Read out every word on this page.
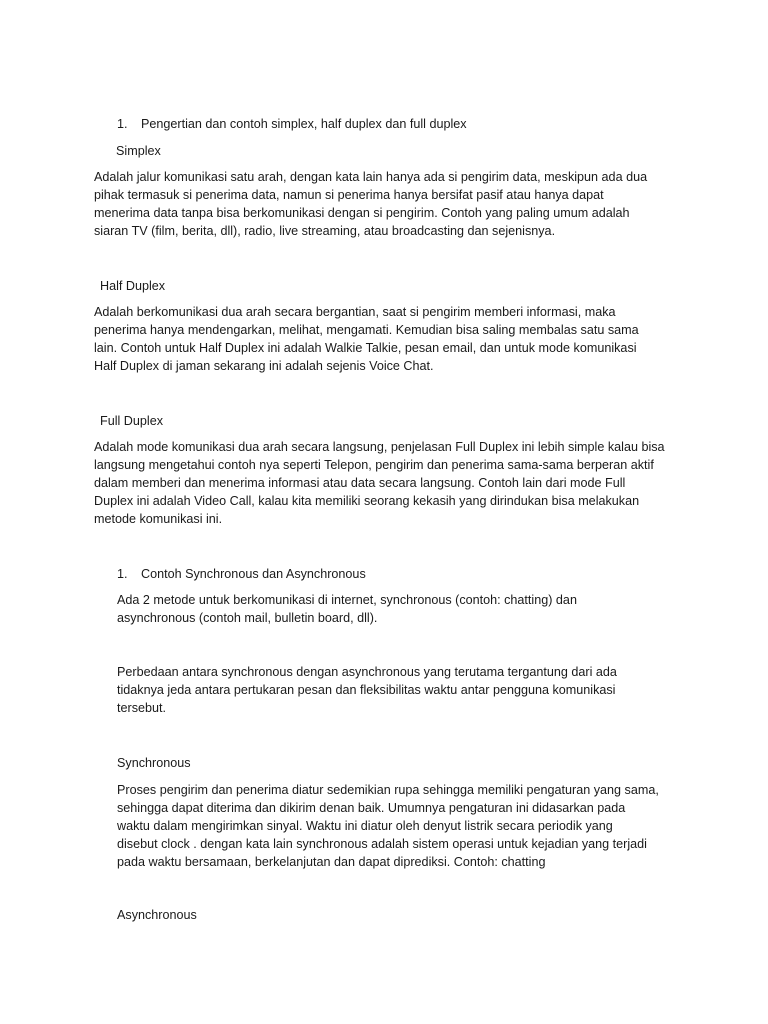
1. Pengertian dan contoh simplex, half duplex dan full duplex
Simplex
Adalah jalur komunikasi satu arah, dengan kata lain hanya ada si pengirim data, meskipun ada dua
pihak termasuk si penerima data, namun si penerima hanya bersifat pasif atau hanya dapat
menerima data tanpa bisa berkomunikasi dengan si pengirim. Contoh yang paling umum adalah
siaran TV (film, berita, dll), radio, live streaming, atau broadcasting dan sejenisnya.
Half Duplex
Adalah berkomunikasi dua arah secara bergantian, saat si pengirim memberi informasi, maka
penerima hanya mendengarkan, melihat, mengamati. Kemudian bisa saling membalas satu sama
lain. Contoh untuk Half Duplex ini adalah Walkie Talkie, pesan email, dan untuk mode komunikasi
Half Duplex di jaman sekarang ini adalah sejenis Voice Chat.
Full Duplex
Adalah mode komunikasi dua arah secara langsung, penjelasan Full Duplex ini lebih simple kalau bisa
langsung mengetahui contoh nya seperti Telepon, pengirim dan penerima sama-sama berperan aktif
dalam memberi dan menerima informasi atau data secara langsung. Contoh lain dari mode Full
Duplex ini adalah Video Call, kalau kita memiliki seorang kekasih yang dirindukan bisa melakukan
metode komunikasi ini.
1. Contoh Synchronous dan Asynchronous
Ada 2 metode untuk berkomunikasi di internet, synchronous (contoh: chatting) dan
asynchronous (contoh mail, bulletin board, dll).
Perbedaan antara synchronous dengan asynchronous yang terutama tergantung dari ada
tidaknya jeda antara pertukaran pesan dan fleksibilitas waktu antar pengguna komunikasi
tersebut.
Synchronous
Proses pengirim dan penerima diatur sedemikian rupa sehingga memiliki pengaturan yang sama,
sehingga dapat diterima dan dikirim denan baik. Umumnya pengaturan ini didasarkan pada
waktu dalam mengirimkan sinyal. Waktu ini diatur oleh denyut listrik secara periodik yang
disebut clock . dengan kata lain synchronous adalah sistem operasi untuk kejadian yang terjadi
pada waktu bersamaan, berkelanjutan dan dapat diprediksi. Contoh: chatting
Asynchronous
